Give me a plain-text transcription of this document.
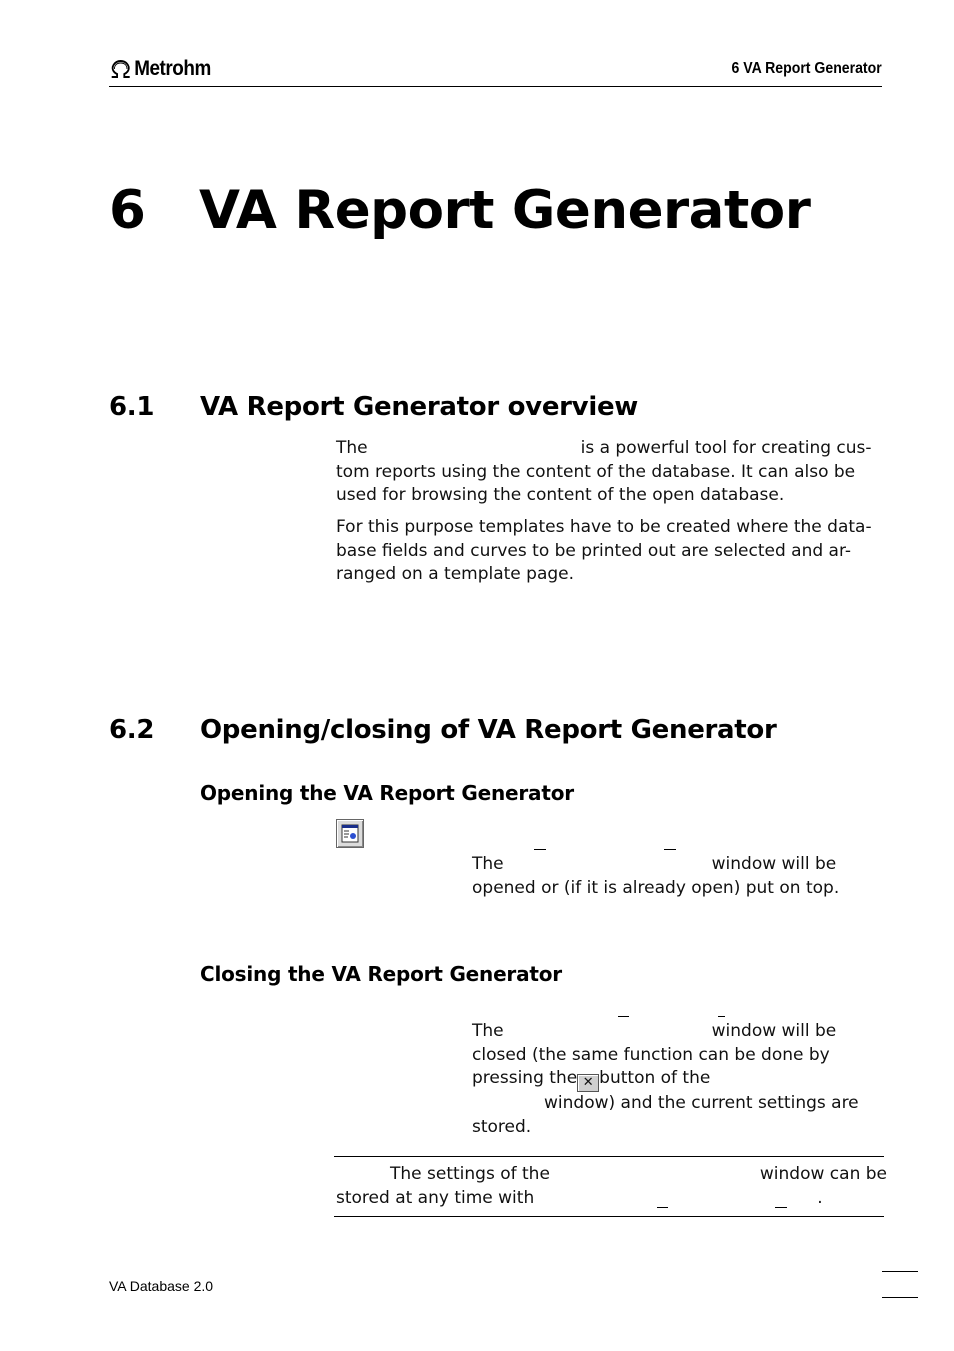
Metrohm	6 VA Report Generator
6 VA Report Generator
6.1 VA Report Generator overview
The	is a powerful tool for creating cus-
tom reports using the content of the database. It can also be
used for browsing the content of the open database.
For this purpose templates have to be created where the data-
base fields and curves to be printed out are selected and ar-
ranged on a template page.
6.2 Opening/closing of VA Report Generator
Opening the VA Report Generator
The	window will be
opened or (if it is already open) put on top.
Closing the VA Report Generator
The	window will be
closed (the same function can be done by
pressing the ✕ button of the
window) and the current settings are
stored.
The settings of the	window can be
stored at any time with	.
VA Database 2.0
